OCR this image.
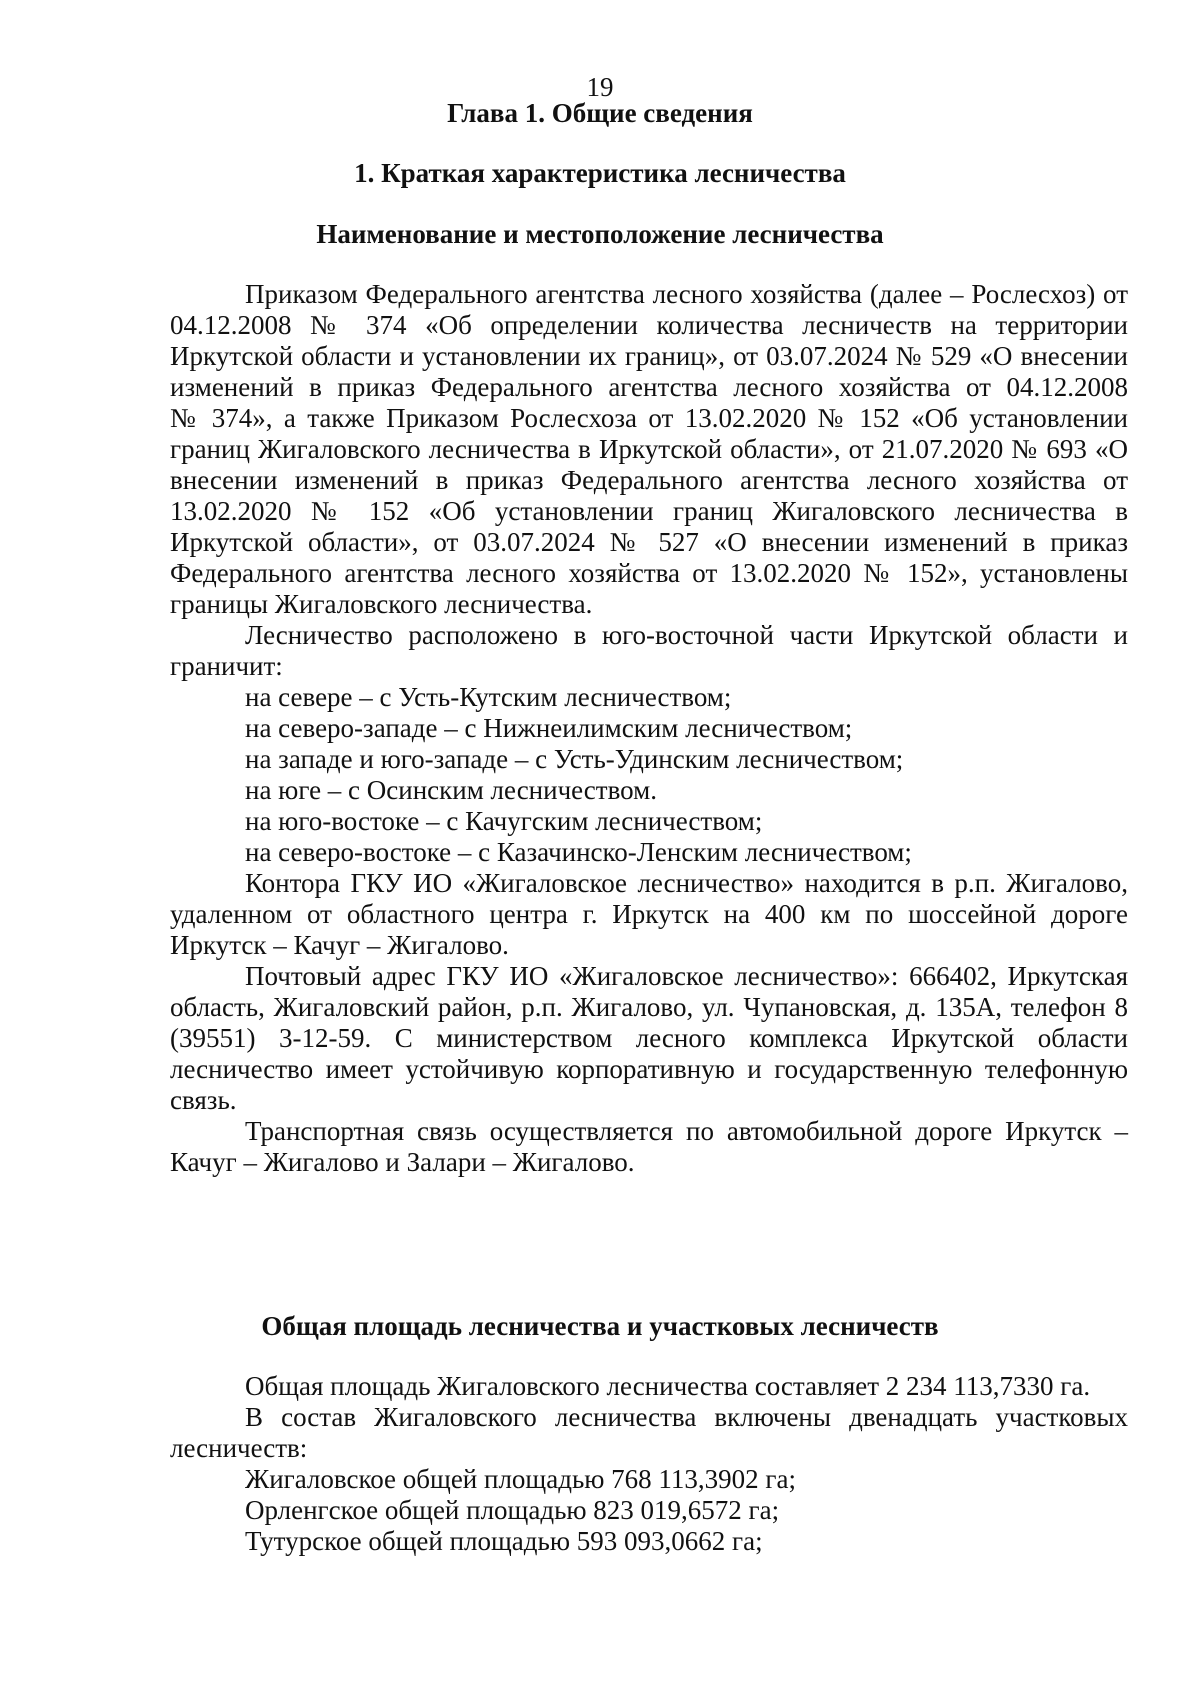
19
Глава 1. Общие сведения
1. Краткая характеристика лесничества
Наименование и местоположение лесничества

Приказом Федерального агентства лесного хозяйства (далее – Рослесхоз) от 04.12.2008 № 374 «Об определении количества лесничеств на территории Иркутской области и установлении их границ», от 03.07.2024 № 529 «О внесении изменений в приказ Федерального агентства лесного хозяйства от 04.12.2008

№ 374», а также Приказом Рослесхоза от 13.02.2020 № 152 «Об установлении границ Жигаловского лесничества в Иркутской области», от 21.07.2020 № 693 «О внесении изменений в приказ Федерального агентства лесного хозяйства от 13.02.2020 № 152 «Об установлении границ Жигаловского лесничества в Иркутской области», от 03.07.2024 № 527 «О внесении изменений в приказ Федерального агентства лесного хозяйства от 13.02.2020 № 152», установлены границы Жигаловского лесничества.

Лесничество расположено в юго-восточной части Иркутской области и граничит:

на севере – с Усть-Кутским лесничеством;

на северо-западе – с Нижнеилимским лесничеством;

на западе и юго-западе – с Усть-Удинским лесничеством;

на юге – с Осинским лесничеством.

на юго-востоке – с Качугским лесничеством;

на северо-востоке – с Казачинско-Ленским лесничеством;

Контора ГКУ ИО «Жигаловское лесничество» находится в р.п. Жигалово, удаленном от областного центра г. Иркутск на 400 км по шоссейной дороге Иркутск – Качуг – Жигалово.

Почтовый адрес ГКУ ИО «Жигаловское лесничество»: 666402, Иркутская область, Жигаловский район, р.п. Жигалово, ул. Чупановская, д. 135А, телефон 8 (39551) 3-12-59. С министерством лесного комплекса Иркутской области лесничество имеет устойчивую корпоративную и государственную телефонную связь.

Транспортная связь осуществляется по автомобильной дороге Иркутск – Качуг – Жигалово и Залари – Жигалово.

Общая площадь лесничества и участковых лесничеств

Общая площадь Жигаловского лесничества составляет 2 234 113,7330 га.

В состав Жигаловского лесничества включены двенадцать участковых лесничеств:

Жигаловское общей площадью 768 113,3902 га;

Орленгское общей площадью 823 019,6572 га;

Тутурское общей площадью 593 093,0662 га;
